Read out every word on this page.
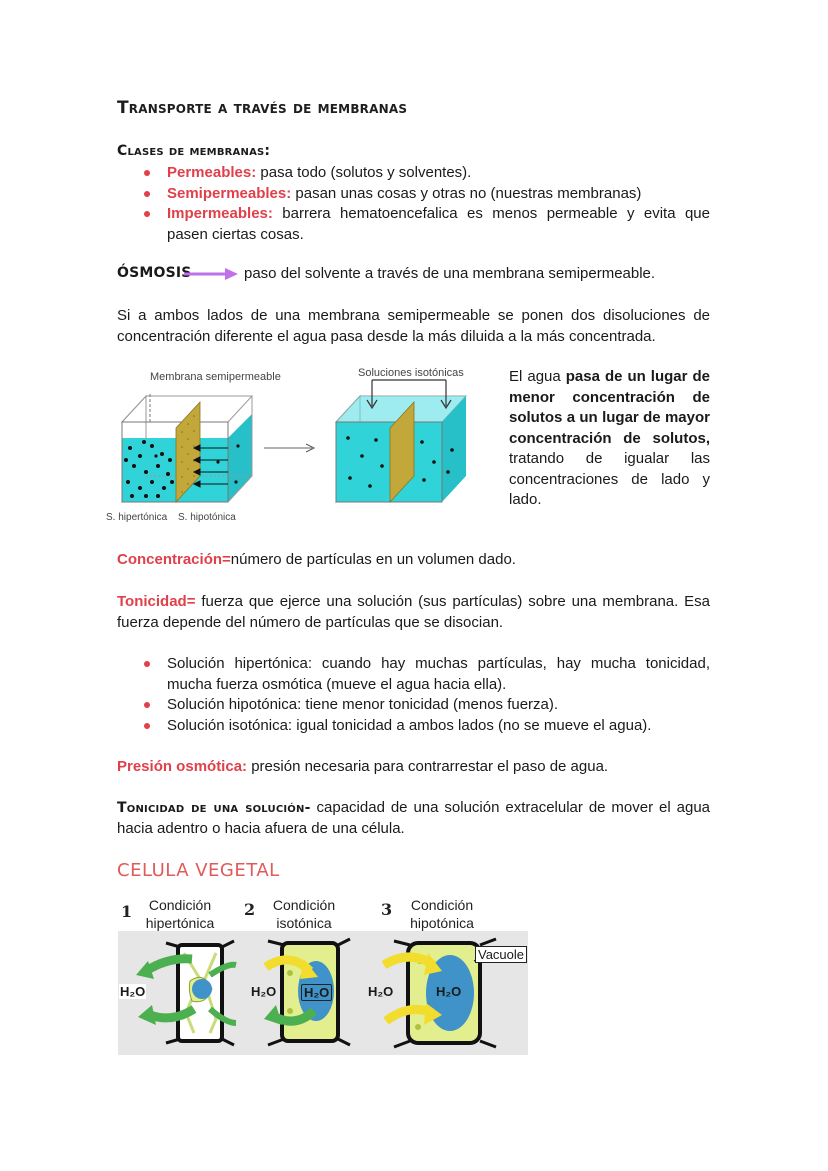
Transporte a través de membranas
Clases de membranas:
Permeables: pasa todo (solutos y solventes).
Semipermeables: pasan unas cosas y otras no (nuestras membranas)
Impermeables: barrera hematoencefalica es menos permeable y evita que pasen ciertas cosas.
ÓSMOSIS	paso del solvente a través de una membrana semipermeable.
Si a ambos lados de una membrana semipermeable se ponen dos disoluciones de concentración diferente el agua pasa desde la más diluida a la más concentrada.
Membrana semipermeable	Soluciones isotónicas
S. hipertónica S. hipotónica
El agua pasa de un lugar de menor concentración de solutos a un lugar de mayor concentración de solutos, tratando de igualar las concentraciones de lado y lado.
Concentración=número de partículas en un volumen dado.
Tonicidad= fuerza que ejerce una solución (sus partículas) sobre una membrana. Esa fuerza depende del número de partículas que se disocian.
Solución hipertónica: cuando hay muchas partículas, hay mucha tonicidad, mucha fuerza osmótica (mueve el agua hacia ella).
Solución hipotónica: tiene menor tonicidad (menos fuerza).
Solución isotónica: igual tonicidad a ambos lados (no se mueve el agua).
Presión osmótica: presión necesaria para contrarrestar el paso de agua.
Tonicidad de una solución- capacidad de una solución extracelular de mover el agua hacia adentro o hacia afuera de una célula.
CELULA VEGETAL
1	Condición
hipertónica
2	Condición
isotónica
3	Condición
hipotónica
H₂O	H₂O H₂O	H₂O	H₂O
Vacuole
